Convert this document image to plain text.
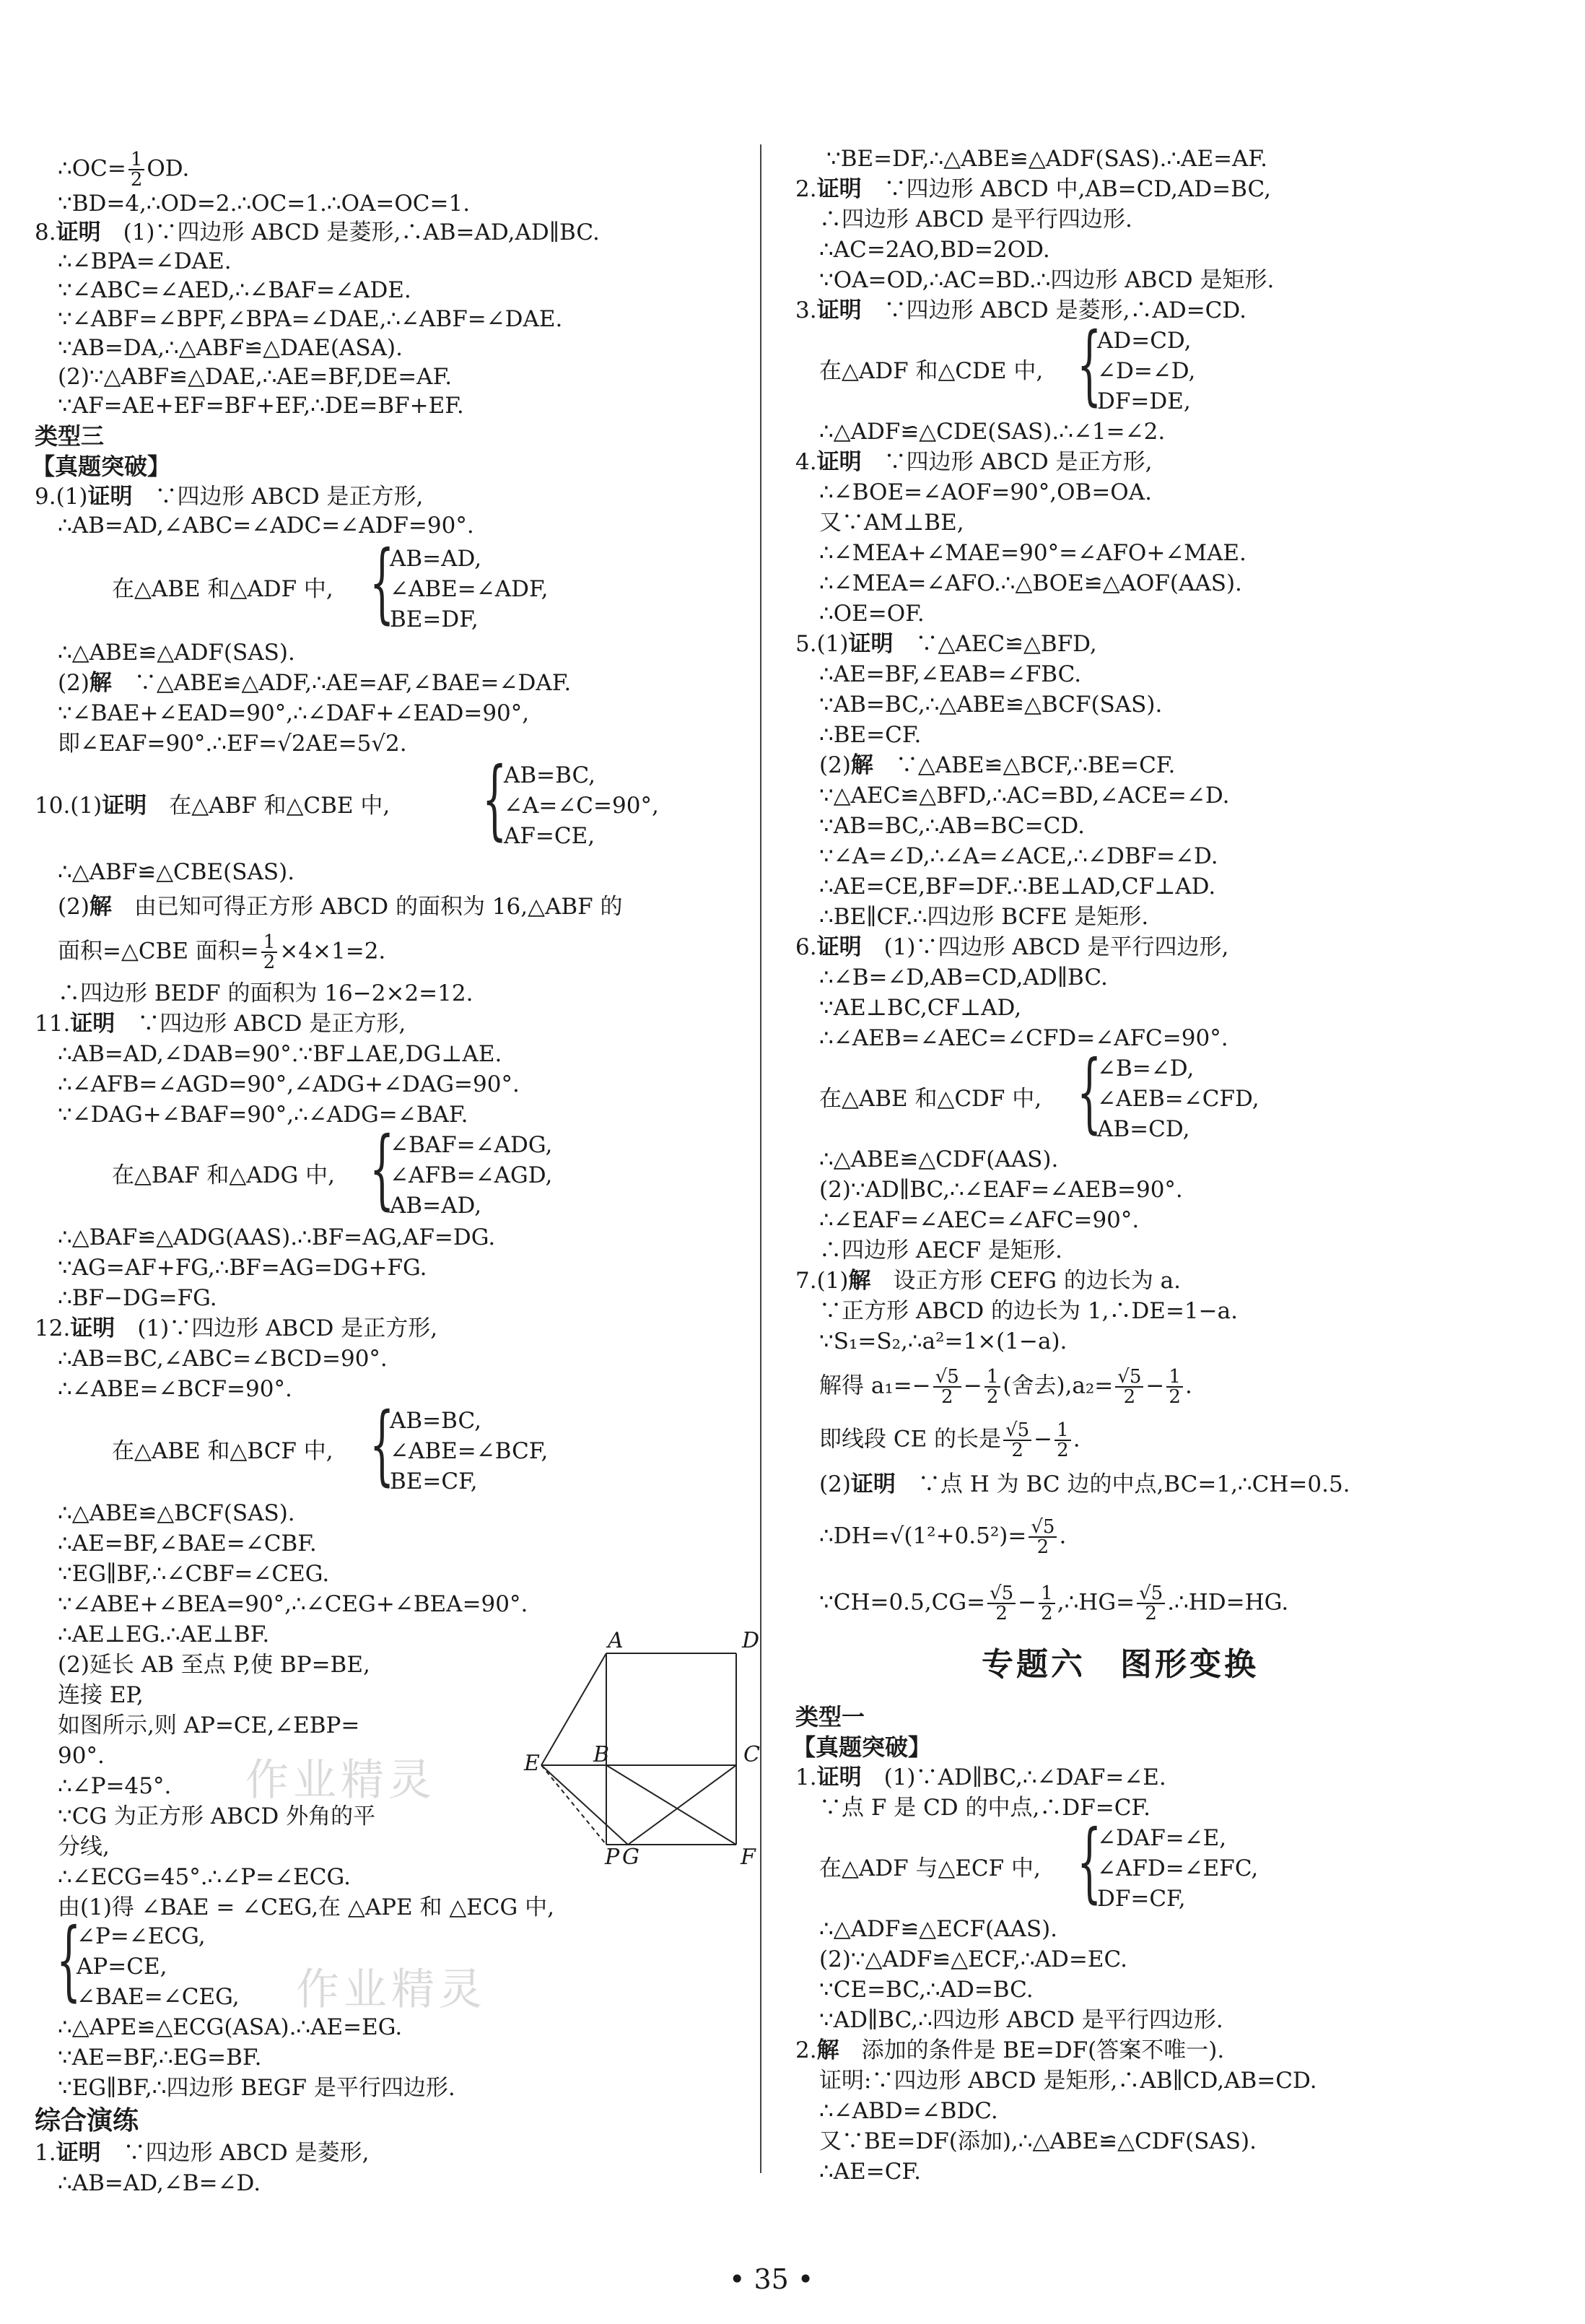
∴OC= $\frac{1}{2}$ OD.
∵BD=4,∴OD=2.∴OC=1.∴OA=OC=1.
8.证明　 (1)∵四边形 ABCD 是菱形,∴AB=AD,AD∥BC.
∴∠BPA=∠DAE.
∵∠ABC=∠AED,∴∠BAF=∠ADE.
∵∠ABF=∠BPF,∠BPA=∠DAE,∴∠ABF=∠DAE.
∵AB=DA,∴△ABF≌△DAE(ASA).
(2)∵△ABF≌△DAE,∴AE=BF,DE=AF.
∵AF=AE+EF=BF+EF,∴DE=BF+EF.
类型三
【真题突破】
9.(1)证明　 ∵四边形 ABCD 是正方形,
∴AB=AD,∠ABC=∠ADC=∠ADF=90°.
在△ABE 和△ADF 中, {
AB=AD,
∠ABE=∠ADF,
BE=DF,
∴△ABE≌△ADF(SAS).
(2)解　 ∵△ABE≌△ADF,∴AE=AF,∠BAE=∠DAF.
∵∠BAE+∠EAD=90°,∴∠DAF+∠EAD=90°,
即∠EAF=90°.∴EF=√2AE=5√2.
10.(1)证明　 在△ABF 和△CBE 中, {
AB=BC,
∠A=∠C=90°,
AF=CE,
∴△ABF≌△CBE(SAS).
(2)解　 由已知可得正方形 ABCD 的面积为 16,△ABF 的
面积=△CBE 面积= $\frac{1}{2} \times 4\times 1=2$.
∴四边形 BEDF 的面积为 16−2×2=12.
11.证明　 ∵四边形 ABCD 是正方形,
∴AB=AD,∠DAB=90°.∵BF⊥AE,DG⊥AE.
∴∠AFB=∠AGD=90°,∠ADG+∠DAG=90°.
∵∠DAG+∠BAF=90°,∴∠ADG=∠BAF.
在△BAF 和△ADG 中, {
∠BAF=∠ADG,
∠AFB=∠AGD,
AB=AD,
∴△BAF≌△ADG(AAS).∴BF=AG,AF=DG.
∵AG=AF+FG,∴BF=AG=DG+FG.
∴BF−DG=FG.
12.证明　 (1)∵四边形 ABCD 是正方形,
∴AB=BC,∠ABC=∠BCD=90°.
∴∠ABE=∠BCF=90°.
在△ABE 和△BCF 中, {
AB=BC,
∠ABE=∠BCF,
BE=CF,
∴△ABE≌△BCF(SAS).
∴AE=BF,∠BAE=∠CBF.
∵EG∥BF,∴∠CBF=∠CEG.
∵∠ABE+∠BEA=90°,∴∠CEG+∠BEA=90°.
∴AE⊥EG.∴AE⊥BF.
(2)延长 AB 至点 P,使 BP=BE,
连接 EP,
如图所示,则 AP=CE,∠EBP=
90°.
∴∠P=45°.
∵CG 为正方形 ABCD 外角的平
分线,
∴∠ECG=45°.∴∠P=∠ECG.
由(1)得 ∠BAE = ∠CEG,在 △APE 和 △ECG 中,
{
∠P=∠ECG,
AP=CE,
∠BAE=∠CEG,
∴△APE≌△ECG(ASA).∴AE=EG.
∵AE=BF,∴EG=BF.
∵EG∥BF,∴四边形 BEGF 是平行四边形.
综合演练
1.证明　 ∵四边形 ABCD 是菱形,
∴AB=AD,∠B=∠D.
A	D
E B	C
P G	F
作业精灵
作业精灵
∵BE=DF,∴△ABE≌△ADF(SAS).∴AE=AF.
2.证明　 ∵四边形 ABCD 中,AB=CD,AD=BC,
∴四边形 ABCD 是平行四边形.
∴AC=2AO,BD=2OD.
∵OA=OD,∴AC=BD.∴四边形 ABCD 是矩形.
3.证明　 ∵四边形 ABCD 是菱形,∴AD=CD.
在△ADF 和△CDE 中, {
AD=CD,
∠D=∠D,
DF=DE,
∴△ADF≌△CDE(SAS).∴∠1=∠2.
4.证明　 ∵四边形 ABCD 是正方形,
∴∠BOE=∠AOF=90°,OB=OA.
又∵AM⊥BE,
∴∠MEA+∠MAE=90°=∠AFO+∠MAE.
∴∠MEA=∠AFO.∴△BOE≌△AOF(AAS).
∴OE=OF.
5.(1)证明　 ∵△AEC≌△BFD,
∴AE=BF,∠EAB=∠FBC.
∵AB=BC,∴△ABE≌△BCF(SAS).
∴BE=CF.
(2)解　 ∵△ABE≌△BCF,∴BE=CF.
∵△AEC≌△BFD,∴AC=BD,∠ACE=∠D.
∵AB=BC,∴AB=BC=CD.
∵∠A=∠D,∴∠A=∠ACE,∴∠DBF=∠D.
∴AE=CE,BF=DF.∴BE⊥AD,CF⊥AD.
∴BE∥CF.∴四边形 BCFE 是矩形.
6.证明　 (1)∵四边形 ABCD 是平行四边形,
∴∠B=∠D,AB=CD,AD∥BC.
∵AE⊥BC,CF⊥AD,
∴∠AEB=∠AEC=∠CFD=∠AFC=90°.
在△ABE 和△CDF 中, {
∠B=∠D,
∠AEB=∠CFD,
AB=CD,
∴△ABE≌△CDF(AAS).
(2)∵AD∥BC,∴∠EAF=∠AEB=90°.
∴∠EAF=∠AEC=∠AFC=90°.
∴四边形 AECF 是矩形.
7.(1)解　 设正方形 CEFG 的边长为 a.
∵正方形 ABCD 的边长为 1,∴DE=1−a.
∵S₁=S₂,∴a²=1×(1−a).
解得 $a_1=- \frac{√5}{2} - \frac{1}{2}$ (舍去)$,a_2= \frac{√5}{2} - \frac{1}{2}$ .
即线段 CE 的长是 $\frac{√5}{2} - \frac{1}{2}$ .
(2)证明　 ∵点 H 为 BC 边的中点,BC=1,∴CH=0.5.
∴DH=√(1²+0.5²)= $\frac{√5}{2}$ .
∵CH=0.5,CG= $\frac{√5}{2} - \frac{1}{2}$ ,∴HG= $\frac{√5}{2}$ .∴HD=HG.
专题六　图形变换
类型一
【真题突破】
1.证明　 (1)∵AD∥BC,∴∠DAF=∠E.
∵点 F 是 CD 的中点,∴DF=CF.
在△ADF 与△ECF 中, {
∠DAF=∠E,
∠AFD=∠EFC,
DF=CF,
∴△ADF≌△ECF(AAS).
(2)∵△ADF≌△ECF,∴AD=EC.
∵CE=BC,∴AD=BC.
∵AD∥BC,∴四边形 ABCD 是平行四边形.
2.解　 添加的条件是 BE=DF(答案不唯一).
证明:∵四边形 ABCD 是矩形,∴AB∥CD,AB=CD.
∴∠ABD=∠BDC.
又∵BE=DF(添加),∴△ABE≌△CDF(SAS).
∴AE=CF.
• 35 •
